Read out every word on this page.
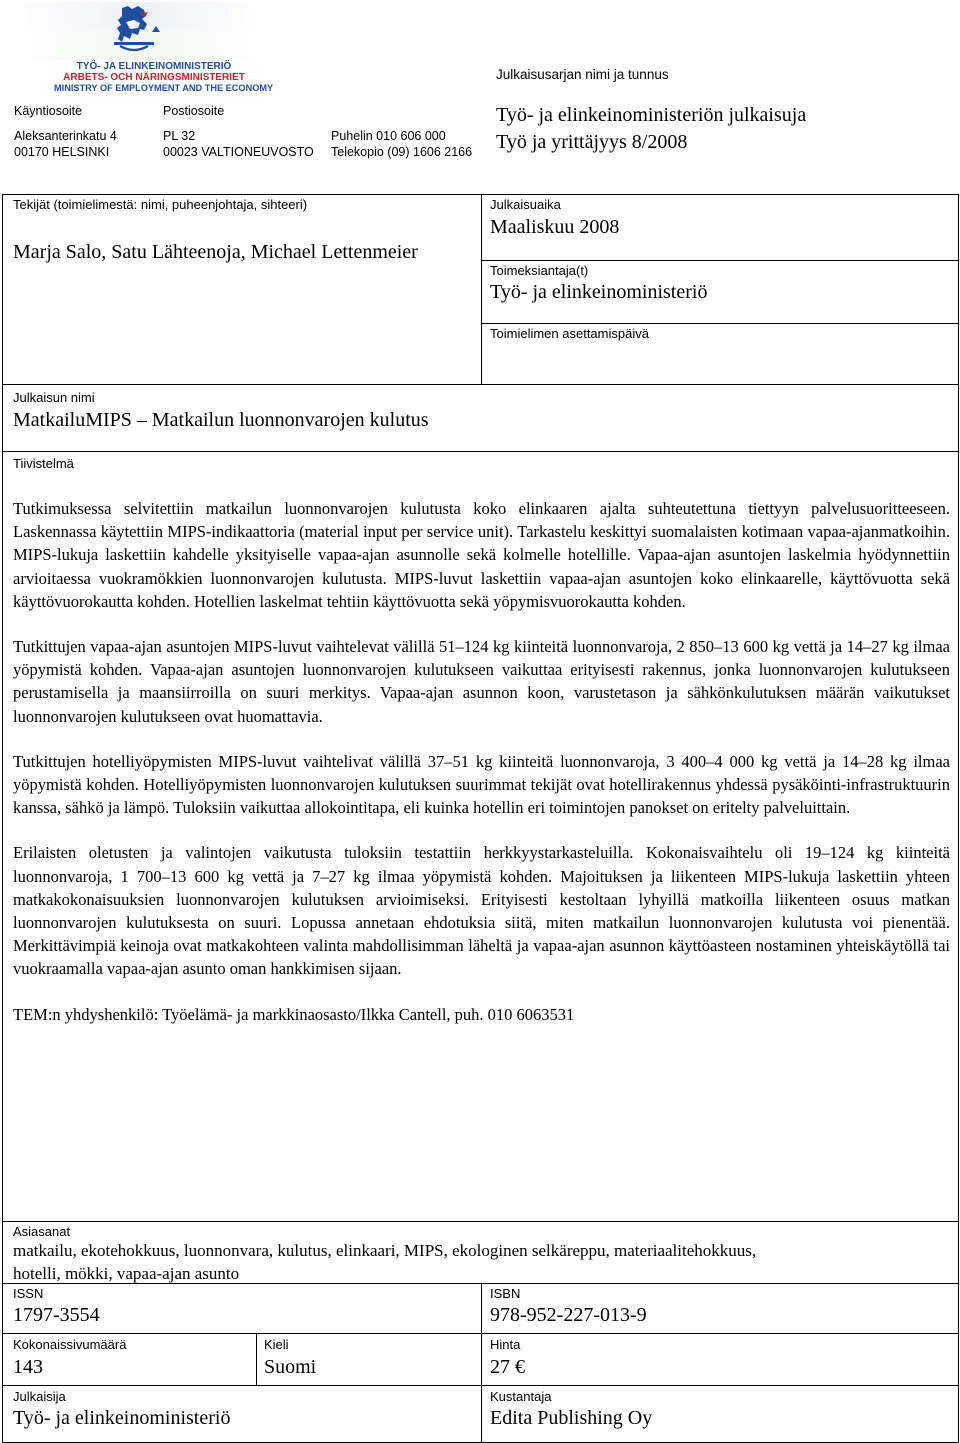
TYÖ- JA ELINKEINOMINISTERIÖ
ARBETS- OCH NÄRINGSMINISTERIET
MINISTRY OF EMPLOYMENT AND THE ECONOMY
Julkaisusarjan nimi ja tunnus
Työ- ja elinkeinoministeriön julkaisuja
Työ ja yrittäjyys 8/2008
Käyntiosoite
Aleksanterinkatu 4
00170 HELSINKI
Postiosoite
PL 32
00023 VALTIONEUVOSTO
Puhelin 010 606 000
Telekopio (09) 1606 2166
Tekijät (toimielimestä: nimi, puheenjohtaja, sihteeri)
Marja Salo, Satu Lähteenoja, Michael Lettenmeier
Julkaisuaika
Maaliskuu 2008
Toimeksiantaja(t)
Työ- ja elinkeinoministeriö
Toimielimen asettamispäivä
Julkaisun nimi
MatkailuMIPS – Matkailun luonnonvarojen kulutus
Tiivistelmä

Tutkimuksessa selvitettiin matkailun luonnonvarojen kulutusta koko elinkaaren ajalta suhteutettuna tiettyyn palvelusuoritteeseen. Laskennassa käytettiin MIPS-indikaattoria (material input per service unit). Tarkastelu keskittyi suomalaisten kotimaan vapaa-ajanmatkoihin. MIPS-lukuja laskettiin kahdelle yksityiselle vapaa-ajan asunnolle sekä kolmelle hotellille. Vapaa-ajan asuntojen laskelmia hyödynnettiin arvioitaessa vuokramökkien luonnonvarojen kulutusta. MIPS-luvut laskettiin vapaa-ajan asuntojen koko elinkaarelle, käyttövuotta sekä käyttövuorokautta kohden. Hotellien laskelmat tehtiin käyttövuotta sekä yöpymisvuorokautta kohden.

Tutkittujen vapaa-ajan asuntojen MIPS-luvut vaihtelevat välillä 51–124 kg kiinteitä luonnonvaroja, 2 850–13 600 kg vettä ja 14–27 kg ilmaa yöpymistä kohden. Vapaa-ajan asuntojen luonnonvarojen kulutukseen vaikuttaa erityisesti rakennus, jonka luonnonvarojen kulutukseen perustamisella ja maansiirroilla on suuri merkitys. Vapaa-ajan asunnon koon, varustetason ja sähkönkulutuksen määrän vaikutukset luonnonvarojen kulutukseen ovat huomattavia.

Tutkittujen hotelliyöpymisten MIPS-luvut vaihtelivat välillä 37–51 kg kiinteitä luonnonvaroja, 3 400–4 000 kg vettä ja 14–28 kg ilmaa yöpymistä kohden. Hotelliyöpymisten luonnonvarojen kulutuksen suurimmat tekijät ovat hotellirakennus yhdessä pysäköinti-infrastruktuurin kanssa, sähkö ja lämpö. Tuloksiin vaikuttaa allokointitapa, eli kuinka hotellin eri toimintojen panokset on eritelty palveluittain.

Erilaisten oletusten ja valintojen vaikutusta tuloksiin testattiin herkkyystarkasteluilla. Kokonaisvaihtelu oli 19–124 kg kiinteitä luonnonvaroja, 1 700–13 600 kg vettä ja 7–27 kg ilmaa yöpymistä kohden. Majoituksen ja liikenteen MIPS-lukuja laskettiin yhteen matkakokonaisuuksien luonnonvarojen kulutuksen arvioimiseksi. Erityisesti kestoltaan lyhyillä matkoilla liikenteen osuus matkan luonnonvarojen kulutuksesta on suuri. Lopussa annetaan ehdotuksia siitä, miten matkailun luonnonvarojen kulutusta voi pienentää. Merkittävimpiä keinoja ovat matkakohteen valinta mahdollisimman läheltä ja vapaa-ajan asunnon käyttöasteen nostaminen yhteiskäytöllä tai vuokraamalla vapaa-ajan asunto oman hankkimisen sijaan.

TEM:n yhdyshenkilö: Työelämä- ja markkinaosasto/Ilkka Cantell, puh. 010 6063531

Asiasanat
matkailu, ekotehokkuus, luonnonvara, kulutus, elinkaari, MIPS, ekologinen selkäreppu, materiaalitehokkuus,
hotelli, mökki, vapaa-ajan asunto
ISSN
1797-3554
ISBN
978-952-227-013-9
Kokonaissivumäärä
143
Kieli
Suomi
Hinta
27 €
Julkaisija
Työ- ja elinkeinoministeriö
Kustantaja
Edita Publishing Oy
